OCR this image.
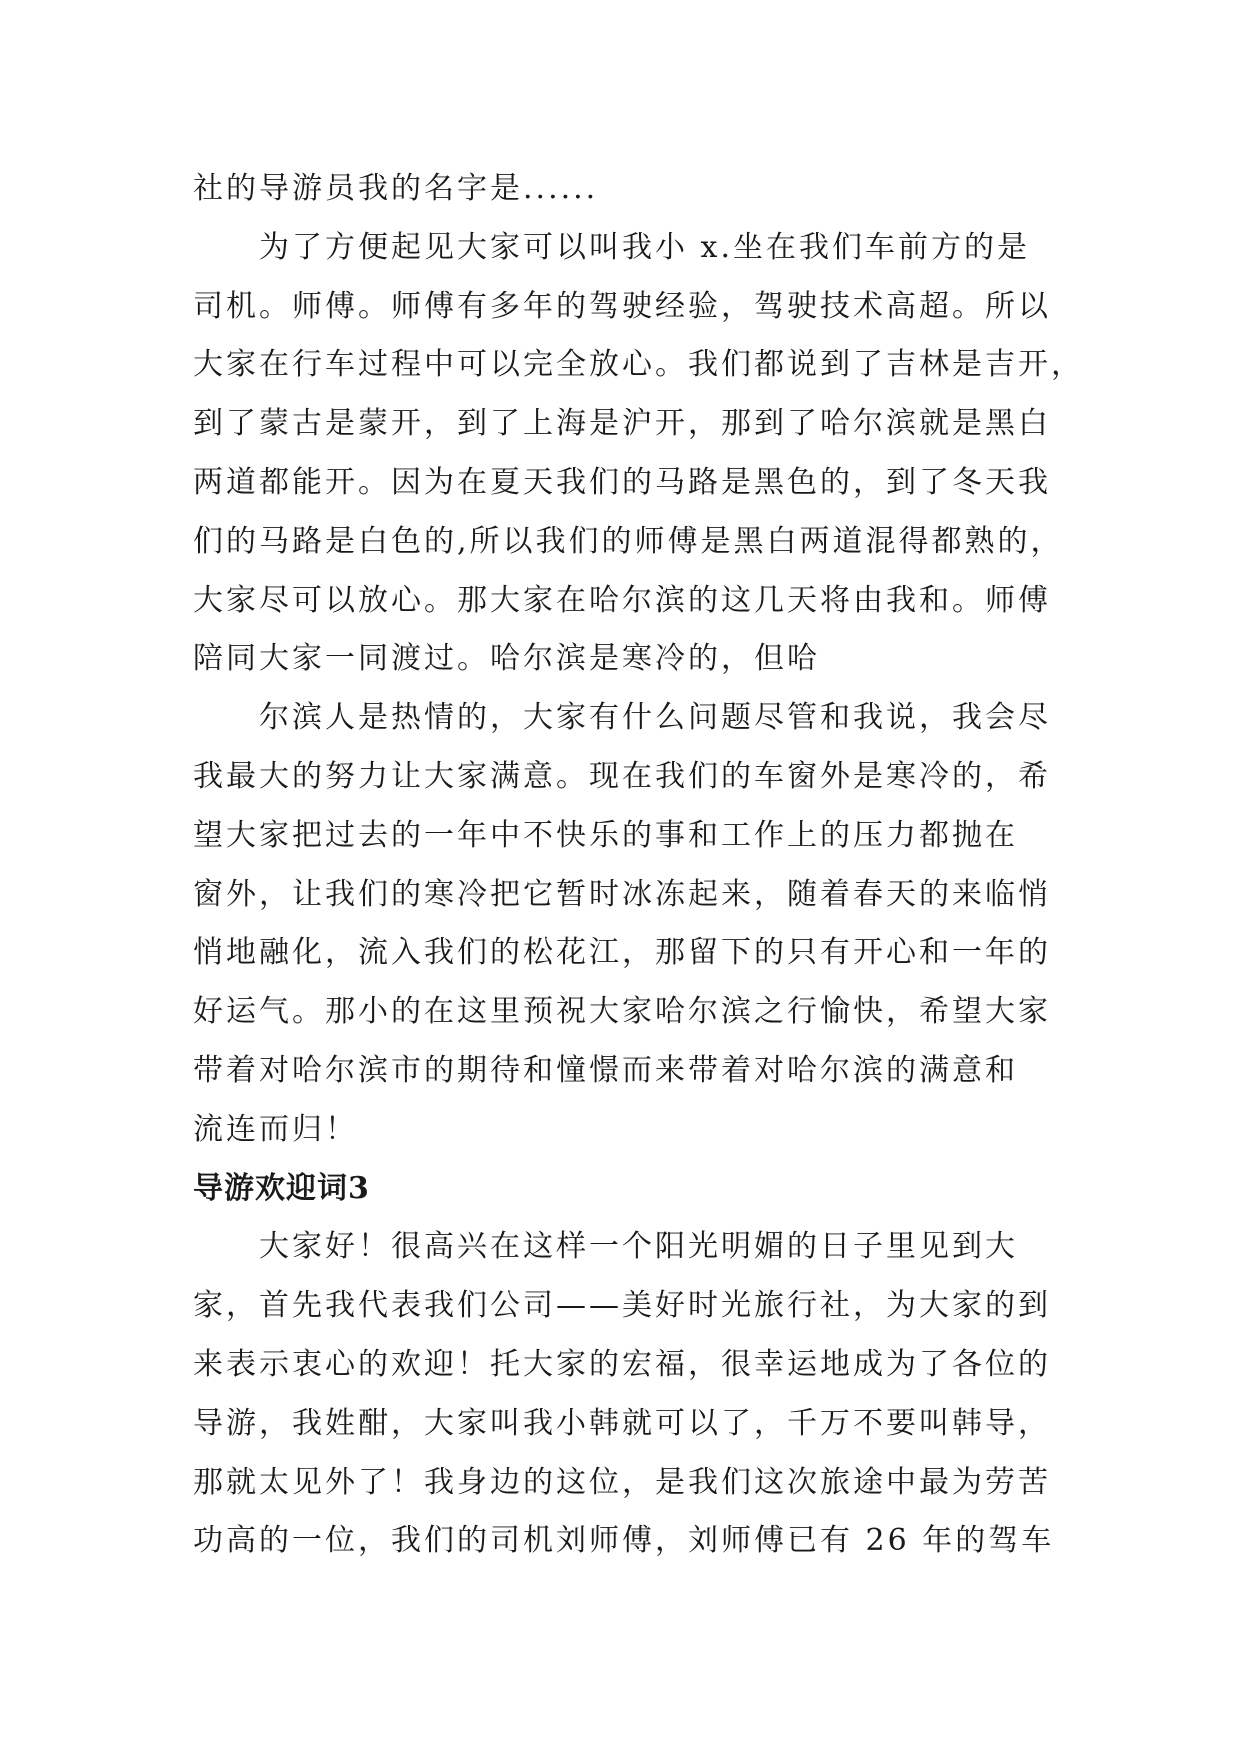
社的导游员我的名字是......

　　为了方便起见大家可以叫我小 x.坐在我们车前方的是

司机。师傅。师傅有多年的驾驶经验，驾驶技术高超。所以

大家在行车过程中可以完全放心。我们都说到了吉林是吉开，

到了蒙古是蒙开，到了上海是沪开，那到了哈尔滨就是黑白

两道都能开。因为在夏天我们的马路是黑色的，到了冬天我

们的马路是白色的,所以我们的师傅是黑白两道混得都熟的，

大家尽可以放心。那大家在哈尔滨的这几天将由我和。师傅

陪同大家一同渡过。哈尔滨是寒冷的，但哈

　　尔滨人是热情的，大家有什么问题尽管和我说，我会尽

我最大的努力让大家满意。现在我们的车窗外是寒冷的，希

望大家把过去的一年中不快乐的事和工作上的压力都抛在

窗外，让我们的寒冷把它暂时冰冻起来，随着春天的来临悄

悄地融化，流入我们的松花江，那留下的只有开心和一年的

好运气。那小的在这里预祝大家哈尔滨之行愉快，希望大家

带着对哈尔滨市的期待和憧憬而来带着对哈尔滨的满意和

流连而归！

导游欢迎词3

　　大家好！很高兴在这样一个阳光明媚的日子里见到大

家，首先我代表我们公司——美好时光旅行社，为大家的到

来表示衷心的欢迎！托大家的宏福，很幸运地成为了各位的

导游，我姓酣，大家叫我小韩就可以了，千万不要叫韩导，

那就太见外了！我身边的这位，是我们这次旅途中最为劳苦

功高的一位，我们的司机刘师傅，刘师傅已有 26 年的驾车
